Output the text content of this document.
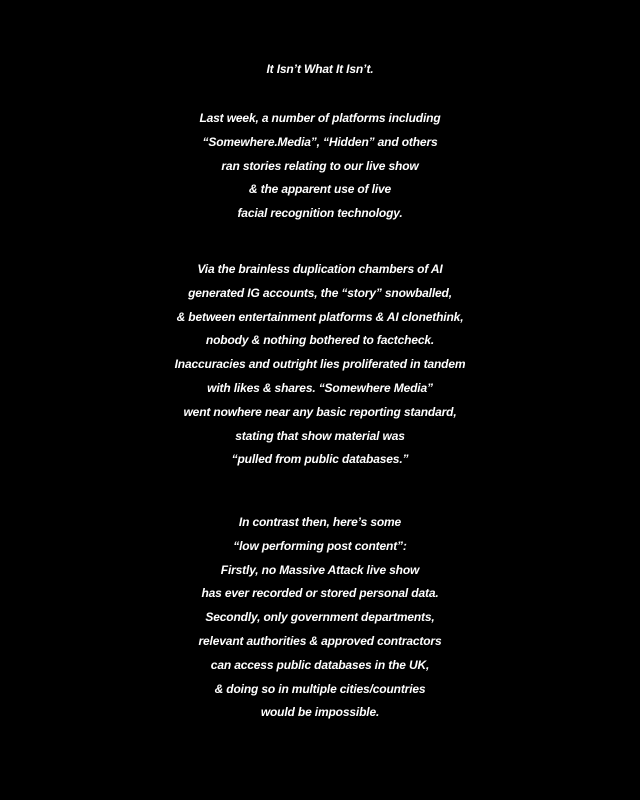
It Isn’t What It Isn’t.
Last week, a number of platforms including
“Somewhere.Media”, “Hidden” and others
ran stories relating to our live show
& the apparent use of live
facial recognition technology.
Via the brainless duplication chambers of AI
generated IG accounts, the “story” snowballed,
& between entertainment platforms & AI clonethink,
nobody & nothing bothered to factcheck.
Inaccuracies and outright lies proliferated in tandem
with likes & shares. “Somewhere Media”
went nowhere near any basic reporting standard,
stating that show material was
“pulled from public databases.”
In contrast then, here’s some
“low performing post content”:
Firstly, no Massive Attack live show
has ever recorded or stored personal data.
Secondly, only government departments,
relevant authorities & approved contractors
can access public databases in the UK,
& doing so in multiple cities/countries
would be impossible.
